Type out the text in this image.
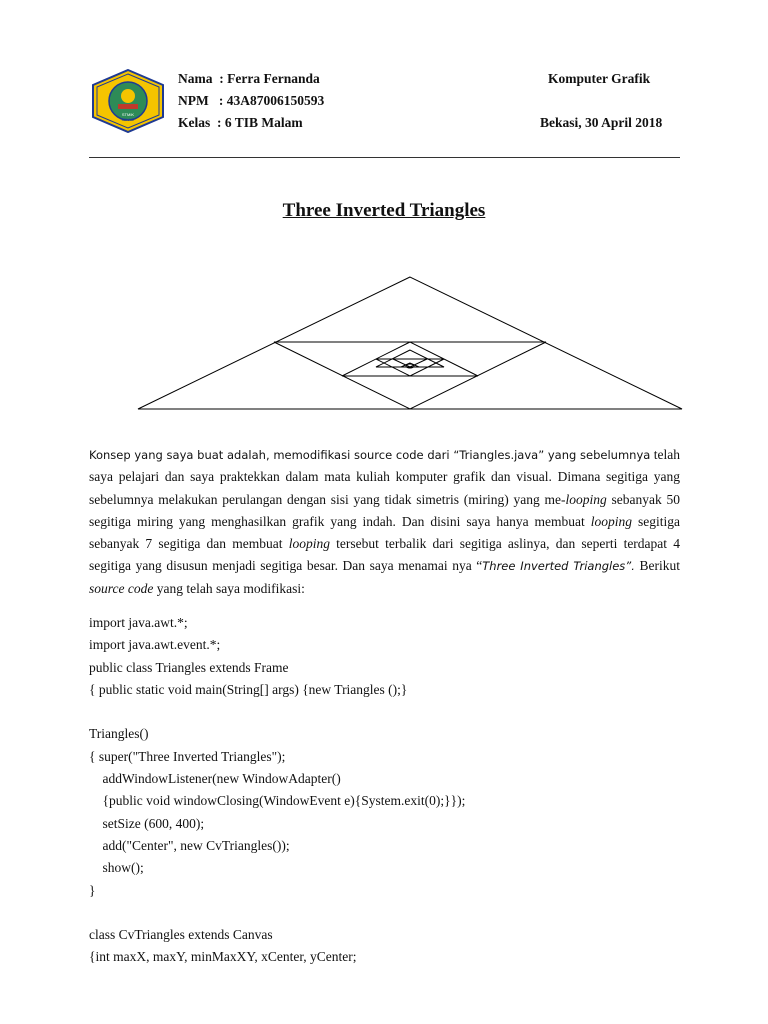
STMIK
BEKASI
Nama  : Ferra Fernanda
NPM   : 43A87006150593
Kelas  : 6 TIB Malam
Komputer Grafik
Bekasi, 30 April 2018
Three Inverted Triangles
Konsep yang saya buat adalah, memodifikasi source code dari “Triangles.java” yang sebelumnya telah saya pelajari dan saya praktekkan dalam mata kuliah komputer grafik dan visual. Dimana segitiga yang sebelumnya melakukan perulangan dengan sisi yang tidak simetris (miring) yang me-looping sebanyak 50 segitiga miring yang menghasilkan grafik yang indah. Dan disini saya hanya membuat looping segitiga sebanyak 7 segitiga dan membuat looping tersebut terbalik dari segitiga aslinya, dan seperti terdapat 4 segitiga yang disusun menjadi segitiga besar. Dan saya menamai nya “Three Inverted Triangles”. Berikut source code yang telah saya modifikasi:
import java.awt.*;
import java.awt.event.*;
public class Triangles extends Frame
{ public static void main(String[] args) {new Triangles ();}
Triangles()
{ super("Three Inverted Triangles");
addWindowListener(new WindowAdapter()
{public void windowClosing(WindowEvent e){System.exit(0);}});
setSize (600, 400);
add("Center", new CvTriangles());
show();
}
class CvTriangles extends Canvas
{int maxX, maxY, minMaxXY, xCenter, yCenter;
